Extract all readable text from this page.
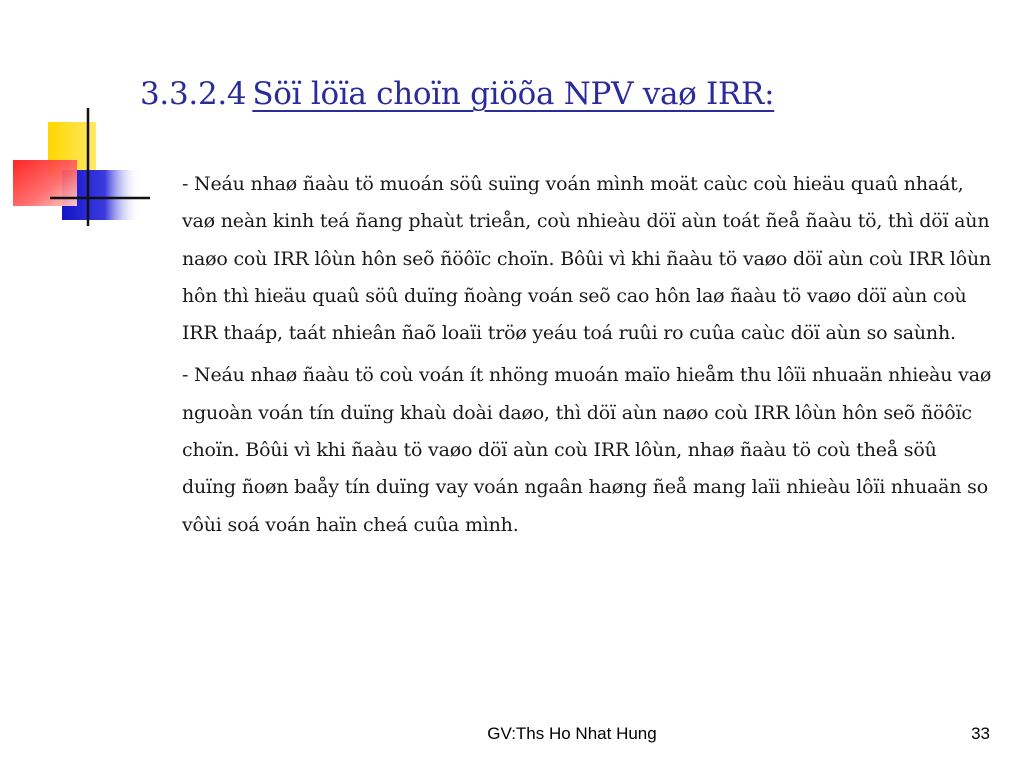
3.3.2.4 Söï löïa choïn giöõa NPV vaø IRR:

- Neáu nhaø ñaàu tö muoán söû suïng voán mình moät caùc coù hieäu quaû nhaát, vaø neàn kinh teá ñang phaùt trieån, coù nhieàu döï aùn toát ñeå ñaàu tö, thì döï aùn naøo coù IRR lôùn hôn seõ ñöôïc choïn. Bôûi vì khi ñaàu tö vaøo döï aùn coù IRR lôùn hôn thì hieäu quaû söû duïng ñoàng voán seõ cao hôn laø ñaàu tö vaøo döï aùn coù IRR thaáp, taát nhieân ñaõ loaïi tröø yeáu toá ruûi ro cuûa caùc döï aùn so saùnh.

- Neáu nhaø ñaàu tö coù voán ít nhöng muoán maïo hieåm thu lôïi nhuaän nhieàu vaø nguoàn voán tín duïng khaù doài daøo, thì döï aùn naøo coù IRR lôùn hôn seõ ñöôïc choïn. Bôûi vì khi ñaàu tö vaøo döï aùn coù IRR lôùn, nhaø ñaàu tö coù theå söû duïng ñoøn baåy tín duïng vay voán ngaân haøng ñeå mang laïi nhieàu lôïi nhuaän so vôùi soá voán haïn cheá cuûa mình.

GV:Ths Ho Nhat Hung	33
